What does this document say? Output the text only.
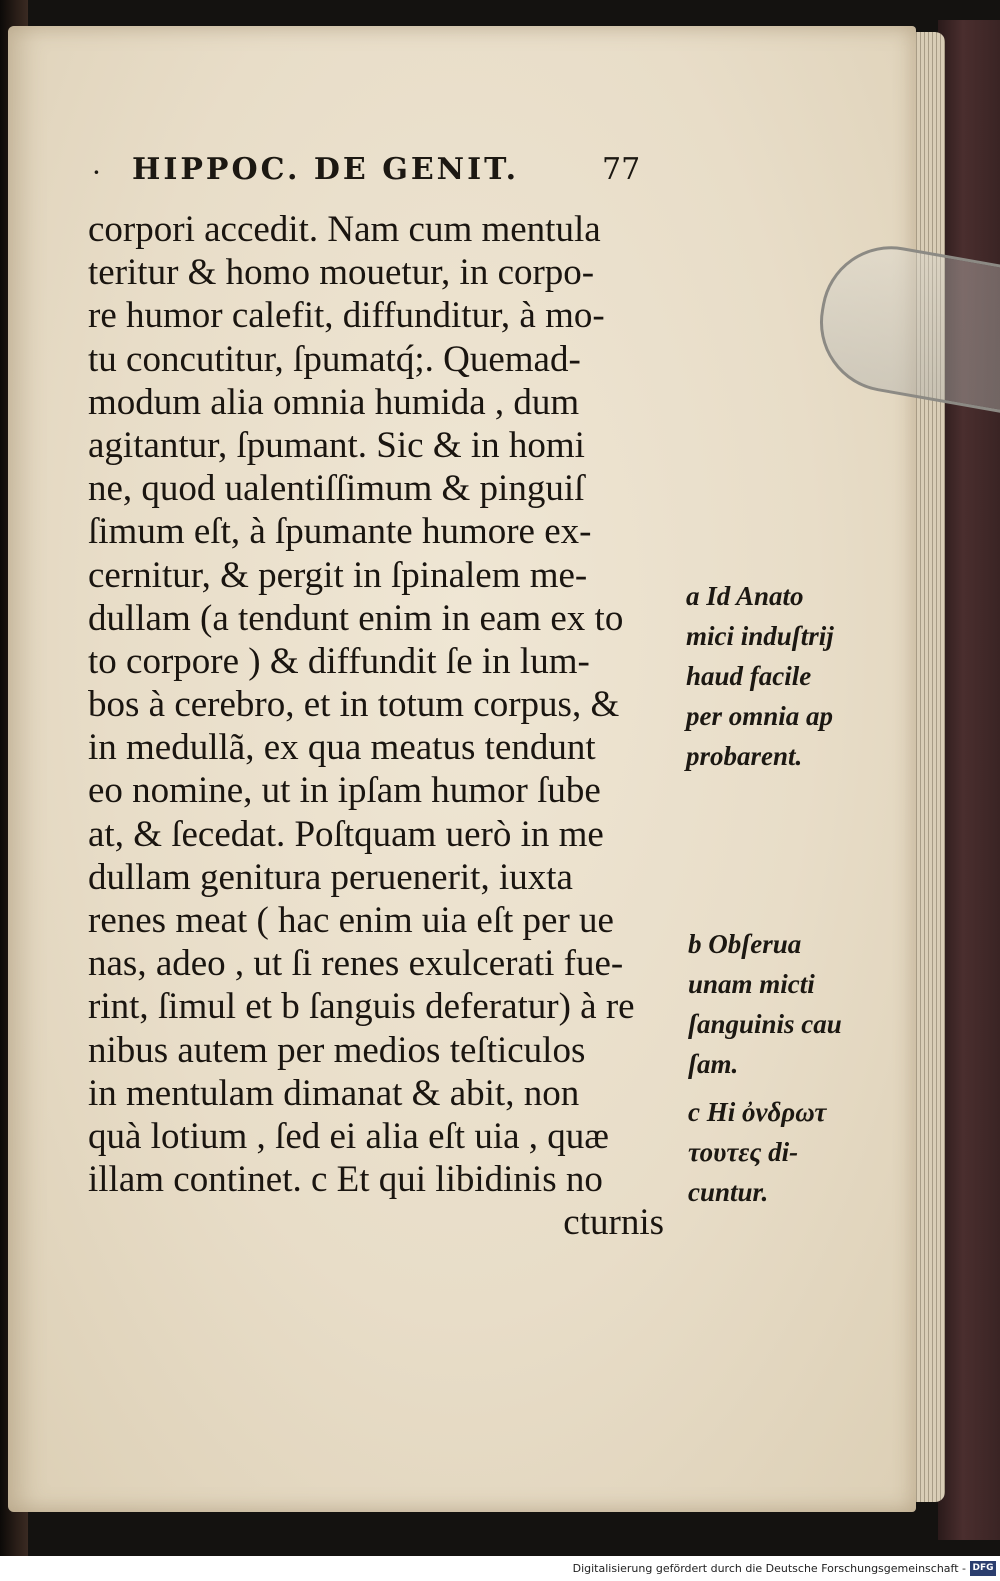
· HIPPOC. DE GENIT.	77
corpori accedit. Nam cum mentula
teritur & homo mouetur, in corpo-
re humor calefit, diffunditur, à mo-
tu concutitur, ſpumatq́;. Quemad-
modum alia omnia humida , dum
agitantur, ſpumant. Sic & in homi
ne, quod ualentiſſimum & pinguiſ
ſimum eſt, à ſpumante humore ex-
cernitur, & pergit in ſpinalem me-
dullam (a tendunt enim in eam ex to
to corpore ) & diffundit ſe in lum-
bos à cerebro, et in totum corpus, &
in medullã, ex qua meatus tendunt
eo nomine, ut in ipſam humor ſube
at, & ſecedat. Poſtquam uerò in me
dullam genitura peruenerit, iuxta
renes meat ( hac enim uia eſt per ue
nas, adeo , ut ſi renes exulcerati fue-
rint, ſimul et b ſanguis deferatur) à re
nibus autem per medios teſticulos
in mentulam dimanat & abit, non
quà lotium , ſed ei alia eſt uia , quæ
illam continet. c Et qui libidinis no
cturnis
a Id Anato
mici induſtrij
haud facile
per omnia ap
probarent.
b Obſerua
unam micti
ſanguinis cau
ſam.
c Hi ὀνδρωτ
τουτες di-
cuntur.
Digitalisierung gefördert durch die Deutsche Forschungsgemeinschaft - DFG
